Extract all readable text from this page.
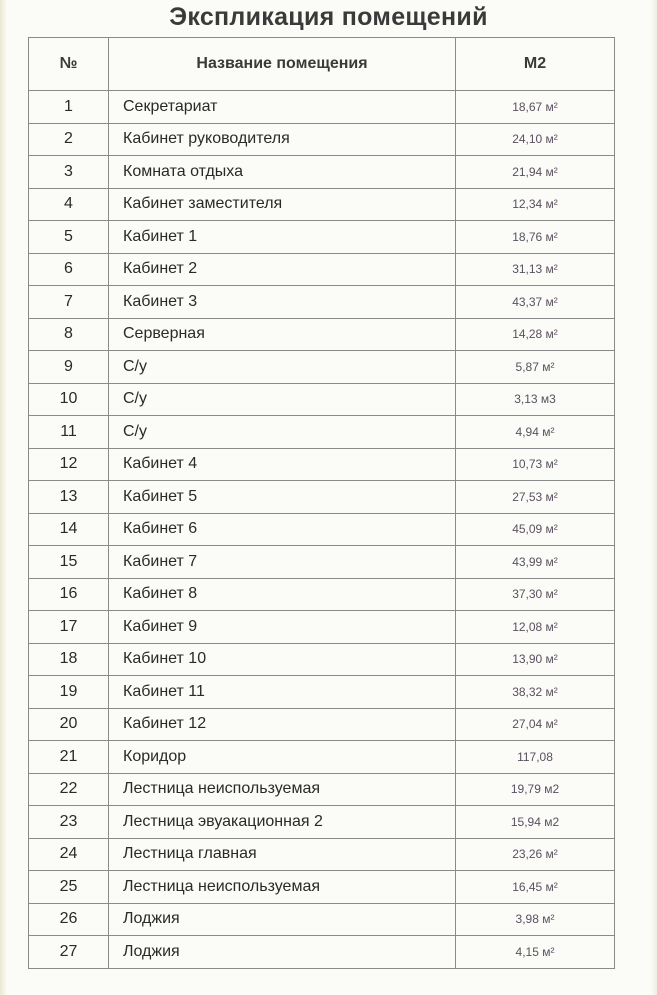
Экспликация помещений
№	Название помещения	М2
1	Секретариат	18,67 м²
2	Кабинет руководителя	24,10 м²
3	Комната отдыха	21,94 м²
4	Кабинет заместителя	12,34 м²
5	Кабинет 1	18,76 м²
6	Кабинет 2	31,13 м²
7	Кабинет 3	43,37 м²
8	Серверная	14,28 м²
9	С/у	5,87 м²
10	С/у	3,13 м3
11	С/у	4,94 м²
12	Кабинет 4	10,73 м²
13	Кабинет 5	27,53 м²
14	Кабинет 6	45,09 м²
15	Кабинет 7	43,99 м²
16	Кабинет 8	37,30 м²
17	Кабинет 9	12,08 м²
18	Кабинет 10	13,90 м²
19	Кабинет 11	38,32 м²
20	Кабинет 12	27,04 м²
21	Коридор	117,08
22	Лестница неиспользуемая	19,79 м2
23	Лестница эвуакационная 2	15,94 м2
24	Лестница главная	23,26 м²
25	Лестница неиспользуемая	16,45 м²
26	Лоджия	3,98 м²
27	Лоджия	4,15 м²
